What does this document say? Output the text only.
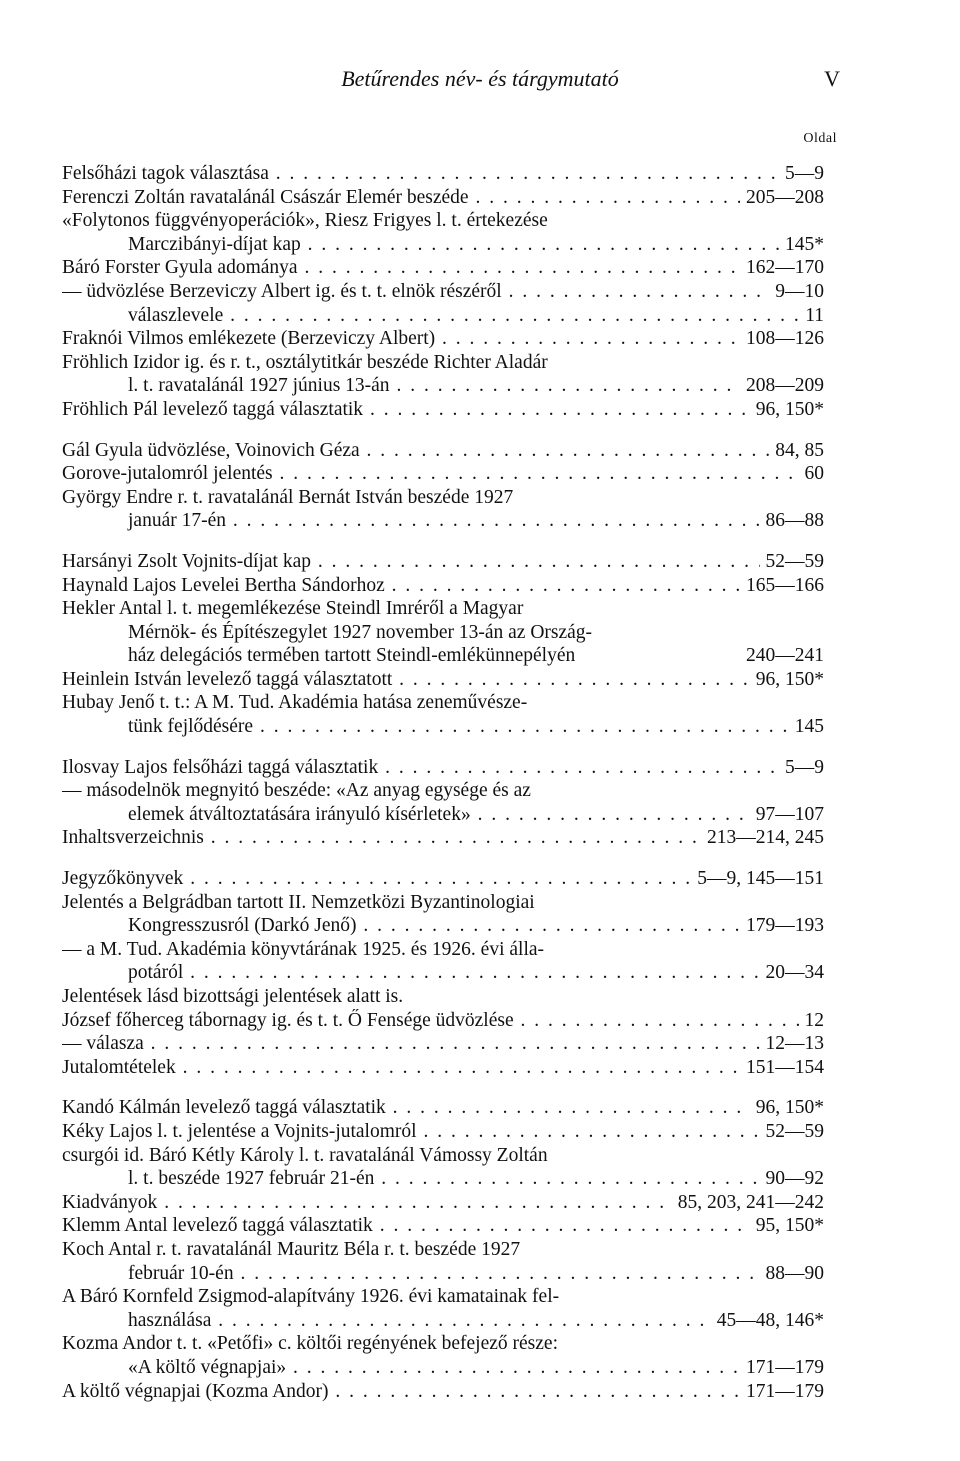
Betűrendes név- és tárgymutató	V
Oldal
Felsőházi tagok választása . . .	5—9
Ferenczi Zoltán ravatalánál Császár Elemér beszéde . . .	205—208
«Folytonos függvényoperációk», Riesz Frigyes l. t. értekezése
Marczibányi-díjat kap . . .	145*
Báró Forster Gyula adománya . . .	162—170
— üdvözlése Berzeviczy Albert ig. és t. t. elnök részéről . . .	9—10
válaszlevele . . .	11
Fraknói Vilmos emlékezete (Berzeviczy Albert) . . .	108—126
Fröhlich Izidor ig. és r. t., osztálytitkár beszéde Richter Aladár
l. t. ravatalánál 1927 június 13-án . . .	208—209
Fröhlich Pál levelező taggá választatik . . .	96, 150*
Gál Gyula üdvözlése, Voinovich Géza . . .	84, 85
Gorove-jutalomról jelentés . . .	60
György Endre r. t. ravatalánál Bernát István beszéde 1927
január 17-én . . .	86—88
Harsányi Zsolt Vojnits-díjat kap . . .	52—59
Haynald Lajos Levelei Bertha Sándorhoz . . .	165—166
Hekler Antal l. t. megemlékezése Steindl Imréről a Magyar
Mérnök- és Építészegylet 1927 november 13-án az Ország-
ház delegációs termében tartott Steindl-emlékünnepélyén	240—241
Heinlein István levelező taggá választatott . . .	96, 150*
Hubay Jenő t. t.: A M. Tud. Akadémia hatása zeneművésze-
tünk fejlődésére . . .	145
Ilosvay Lajos felsőházi taggá választatik . . .	5—9
— másodelnök megnyitó beszéde: «Az anyag egysége és az
elemek átváltoztatására irányuló kísérletek» . . .	97—107
Inhaltsverzeichnis . . .	213—214, 245
Jegyzőkönyvek . . .	5—9, 145—151
Jelentés a Belgrádban tartott II. Nemzetközi Byzantinologiai
Kongresszusról (Darkó Jenő) . . .	179—193
— a M. Tud. Akadémia könyvtárának 1925. és 1926. évi álla-
potáról . . .	20—34
Jelentések lásd bizottsági jelentések alatt is.
József főherceg tábornagy ig. és t. t. Ő Fensége üdvözlése . . .	12
— válasza . . .	12—13
Jutalomtételek . . .	151—154
Kandó Kálmán levelező taggá választatik . . .	96, 150*
Kéky Lajos l. t. jelentése a Vojnits-jutalomról . . .	52—59
csurgói id. Báró Kétly Károly l. t. ravatalánál Vámossy Zoltán
l. t. beszéde 1927 február 21-én . . .	90—92
Kiadványok . . .	85, 203, 241—242
Klemm Antal levelező taggá választatik . . .	95, 150*
Koch Antal r. t. ravatalánál Mauritz Béla r. t. beszéde 1927
február 10-én . . .	88—90
A Báró Kornfeld Zsigmod-alapítvány 1926. évi kamatainak fel-
használása . . .	45—48, 146*
Kozma Andor t. t. «Petőfi» c. költői regényének befejező része:
«A költő végnapjai» . . .	171—179
A költő végnapjai (Kozma Andor) . . .	171—179
